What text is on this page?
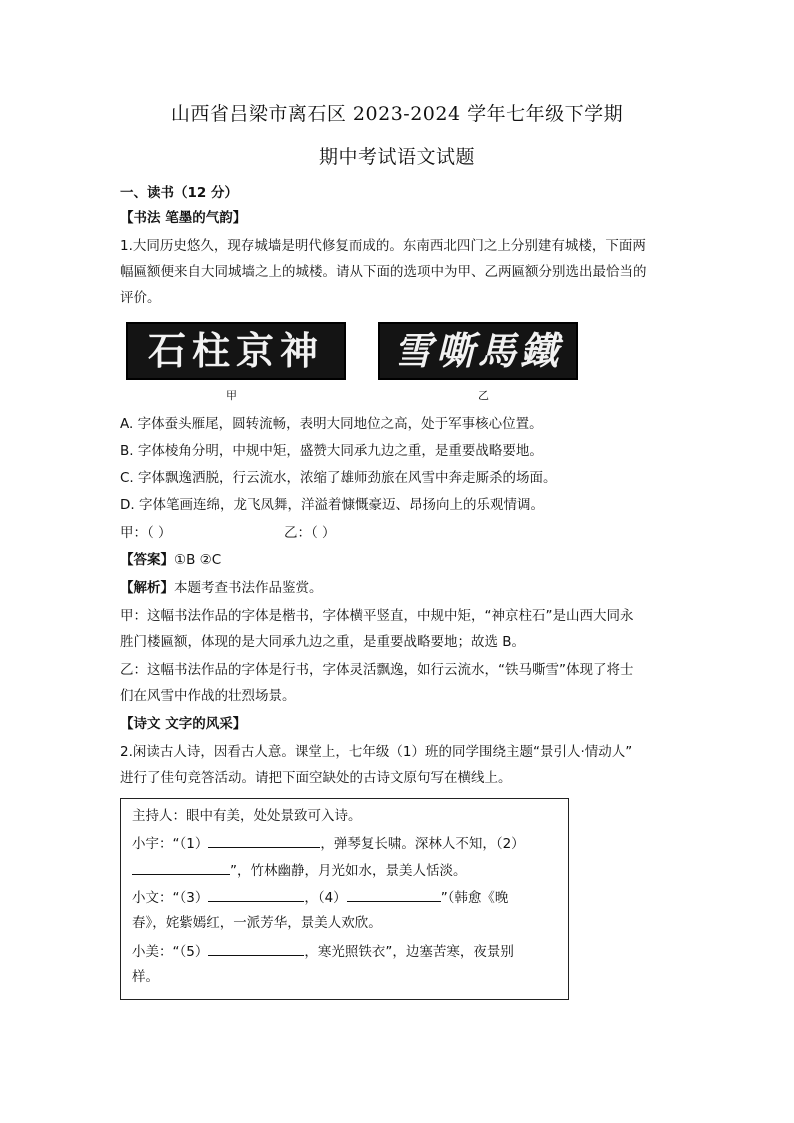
山西省吕梁市离石区 2023-2024 学年七年级下学期
期中考试语文试题
一、读书（12 分）
【书法 笔墨的气韵】
1.大同历史悠久，现存城墙是明代修复而成的。东南西北四门之上分别建有城楼，下面两
幅匾额便来自大同城墙之上的城楼。请从下面的选项中为甲、乙两匾额分别选出最恰当的
评价。
石柱京神	雪嘶馬鐵
甲	乙
A. 字体蚕头雁尾，圆转流畅，表明大同地位之高，处于军事核心位置。
B. 字体棱角分明，中规中矩，盛赞大同承九边之重，是重要战略要地。
C. 字体飘逸洒脱，行云流水，浓缩了雄师劲旅在风雪中奔走厮杀的场面。
D. 字体笔画连绵，龙飞凤舞，洋溢着慷慨豪迈、昂扬向上的乐观情调。
甲：（ ）	乙：（ ）
【答案】①B ②C
【解析】本题考查书法作品鉴赏。
甲：这幅书法作品的字体是楷书，字体横平竖直，中规中矩，“神京柱石”是山西大同永
胜门楼匾额，体现的是大同承九边之重，是重要战略要地；故选 B。
乙：这幅书法作品的字体是行书，字体灵活飘逸，如行云流水，“铁马嘶雪”体现了将士
们在风雪中作战的壮烈场景。
【诗文 文字的风采】
2.闲读古人诗，因看古人意。课堂上，七年级（1）班的同学围绕主题“景引人·情动人”
进行了佳句竞答活动。请把下面空缺处的古诗文原句写在横线上。
主持人：眼中有美，处处景致可入诗。
小宇：“（1）	，弹琴复长啸。深林人不知，（2）
”，竹林幽静，月光如水，景美人恬淡。
小文：“（3）	，（4）	”（韩愈《晚
春》，姹紫嫣红，一派芳华，景美人欢欣。
小美：“（5）	，寒光照铁衣”，边塞苦寒，夜景别
样。
